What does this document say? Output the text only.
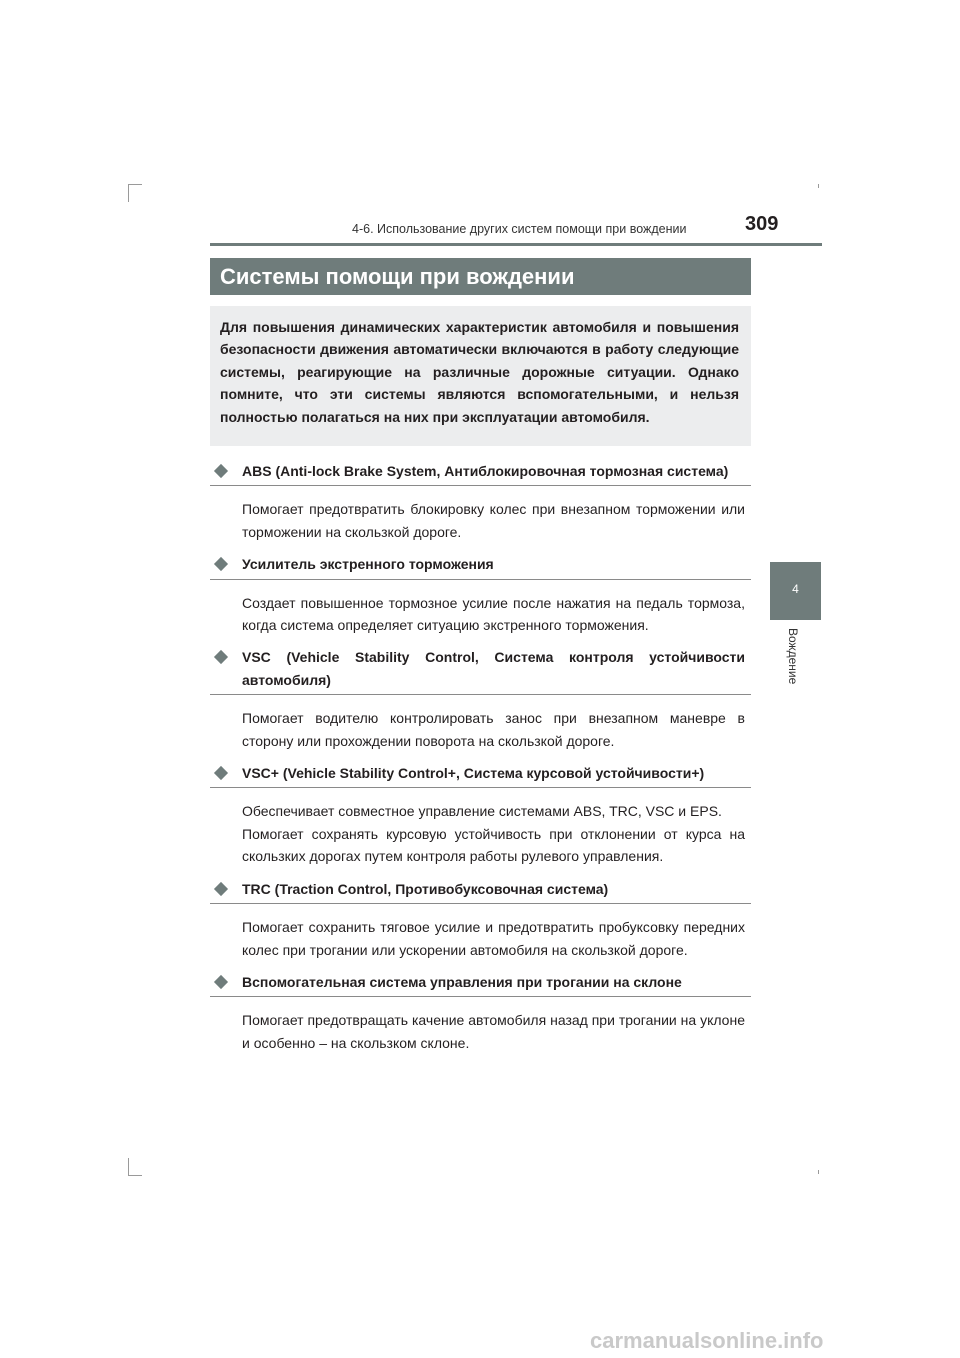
4-6. Использование других систем помощи при вождении	309
4
Вождение
Системы помощи при вождении
Для повышения динамических характеристик автомобиля и повышения безопасности движения автоматически включаются в работу следующие системы, реагирующие на различные дорожные ситуации. Однако помните, что эти системы являются вспомогательными, и нельзя полностью полагаться на них при эксплуатации автомобиля.
ABS (Anti-lock Brake System, Антиблокировочная тормозная система)

Помогает предотвратить блокировку колес при внезапном торможении или торможении на скользкой дороге.

Усилитель экстренного торможения

Создает повышенное тормозное усилие после нажатия на педаль тормоза, когда система определяет ситуацию экстренного торможения.

VSC (Vehicle Stability Control, Система контроля устойчивости автомобиля)

Помогает водителю контролировать занос при внезапном маневре в сторону или прохождении поворота на скользкой дороге.

VSC+ (Vehicle Stability Control+, Система курсовой устойчивости+)

Обеспечивает совместное управление системами ABS, TRC, VSC и EPS.

Помогает сохранять курсовую устойчивость при отклонении от курса на скользких дорогах путем контроля работы рулевого управления.

TRC (Traction Control, Противобуксовочная система)

Помогает сохранить тяговое усилие и предотвратить пробуксовку передних колес при трогании или ускорении автомобиля на скользкой дороге.

Вспомогательная система управления при трогании на склоне

Помогает предотвращать качение автомобиля назад при трогании на уклоне и особенно – на скользком склоне.

carmanualsonline.info
